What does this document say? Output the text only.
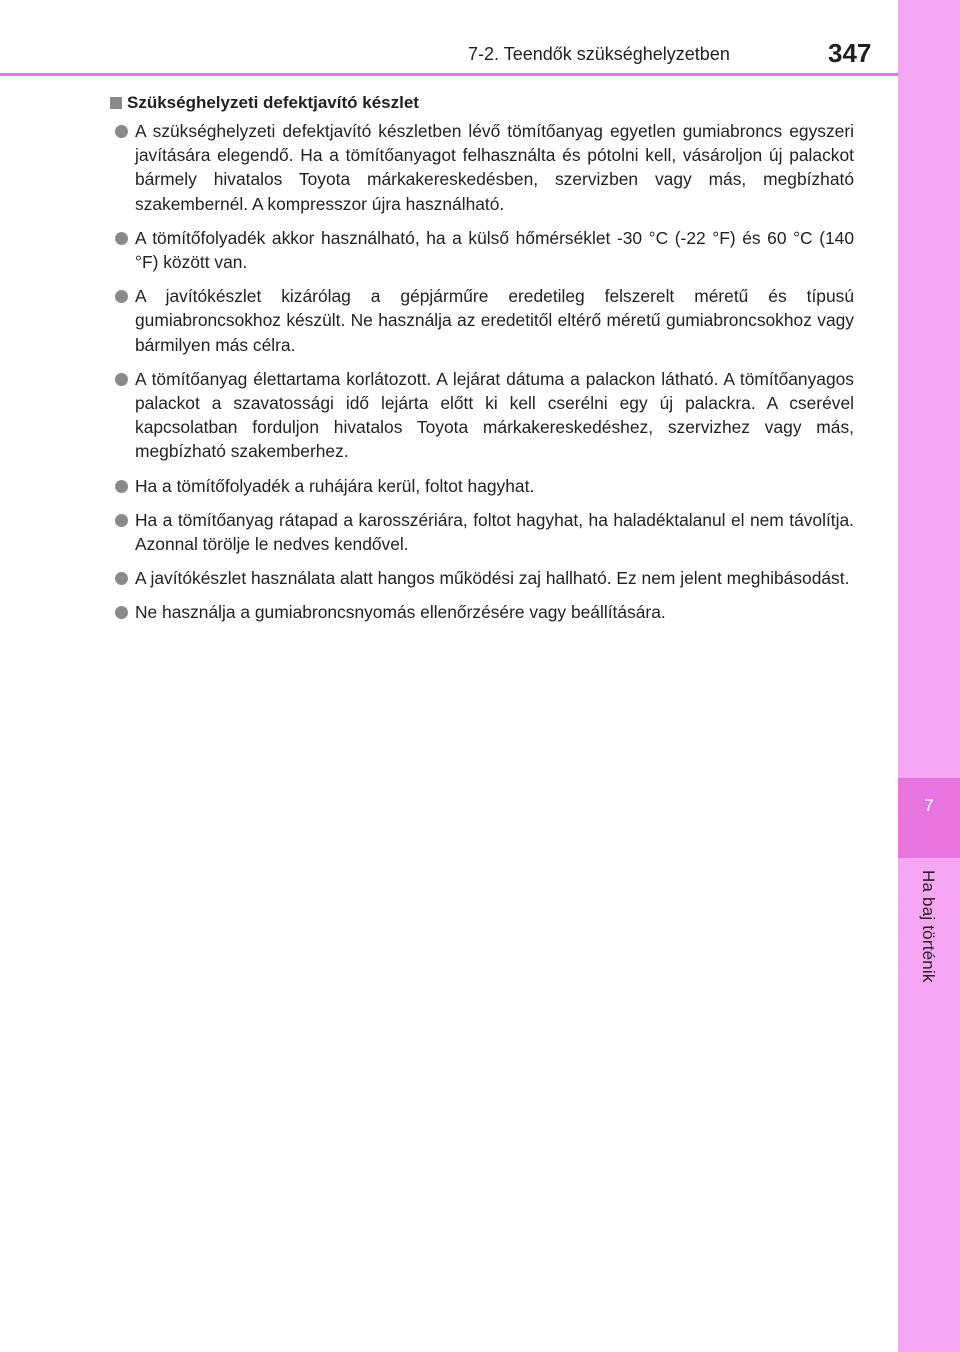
7
Ha baj történik
7-2. Teendők szükséghelyzetben	347
Szükséghelyzeti defektjavító készlet
A szükséghelyzeti defektjavító készletben lévő tömítőanyag egyetlen gumiabroncs egyszeri javítására elegendő. Ha a tömítőanyagot felhasználta és pótolni kell, vásároljon új palackot bármely hivatalos Toyota márkakereskedésben, szervizben vagy más, megbízható szakembernél. A kompresszor újra használható.
A tömítőfolyadék akkor használható, ha a külső hőmérséklet -30 °C (-22 °F) és 60 °C (140 °F) között van.
A javítókészlet kizárólag a gépjárműre eredetileg felszerelt méretű és típusú gumiabroncsokhoz készült. Ne használja az eredetitől eltérő méretű gumiabroncsokhoz vagy bármilyen más célra.
A tömítőanyag élettartama korlátozott. A lejárat dátuma a palackon látható. A tömítőanyagos palackot a szavatossági idő lejárta előtt ki kell cserélni egy új palackra. A cserével kapcsolatban forduljon hivatalos Toyota márkakereskedéshez, szervizhez vagy más, megbízható szakemberhez.
Ha a tömítőfolyadék a ruhájára kerül, foltot hagyhat.
Ha a tömítőanyag rátapad a karosszériára, foltot hagyhat, ha haladéktalanul el nem távolítja. Azonnal törölje le nedves kendővel.
A javítókészlet használata alatt hangos működési zaj hallható. Ez nem jelent meghibásodást.
Ne használja a gumiabroncsnyomás ellenőrzésére vagy beállítására.
